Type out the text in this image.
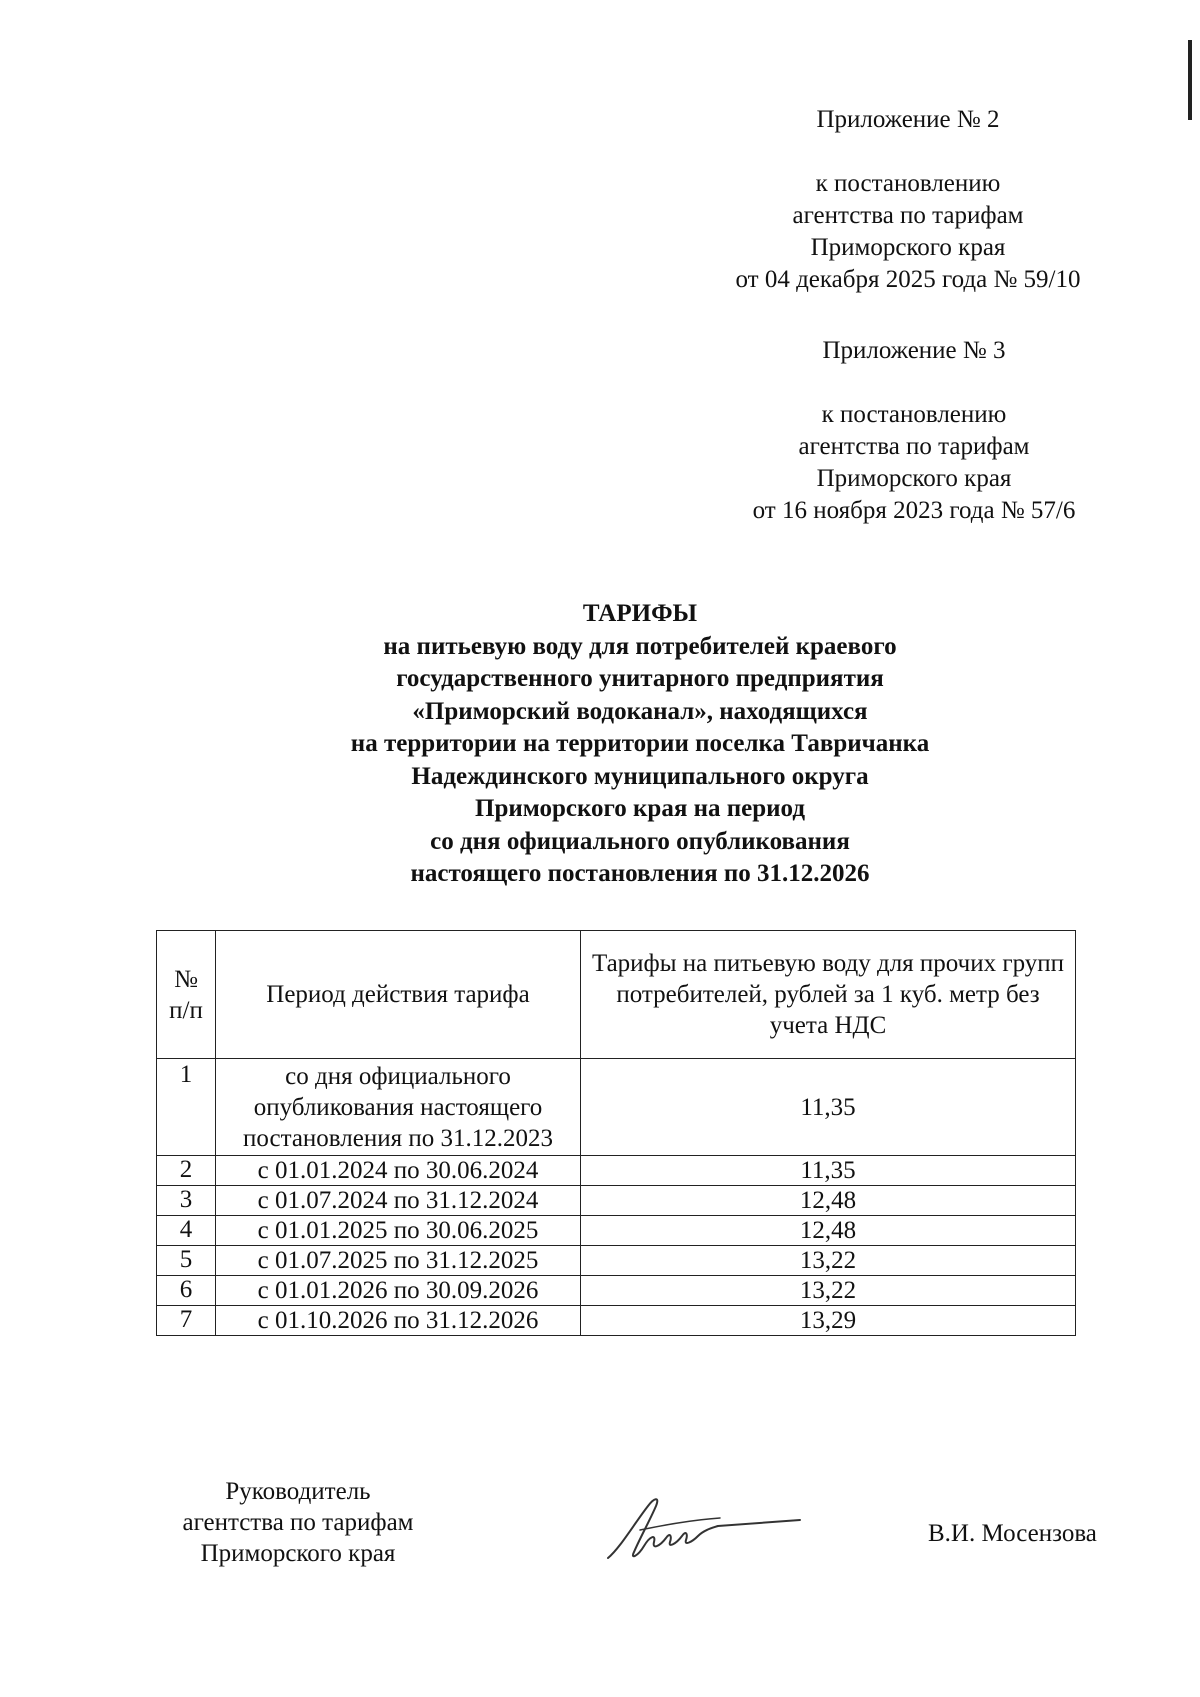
Приложение № 2
к постановлению
агентства по тарифам
Приморского края
от 04 декабря 2025 года № 59/10
Приложение № 3
к постановлению
агентства по тарифам
Приморского края
от 16 ноября 2023 года № 57/6
ТАРИФЫ
на питьевую воду для потребителей краевого
государственного унитарного предприятия
«Приморский водоканал», находящихся
на территории на территории поселка Тавричанка
Надеждинского муниципального округа
Приморского края на период
со дня официального опубликования
настоящего постановления по 31.12.2026
№ п/п	Период действия тарифа	Тарифы на питьевую воду для прочих групп потребителей, рублей за 1 куб. метр без учета НДС
1	со дня официального опубликования настоящего постановления по 31.12.2023	11,35
2	с 01.01.2024 по 30.06.2024	11,35
3	с 01.07.2024 по 31.12.2024	12,48
4	с 01.01.2025 по 30.06.2025	12,48
5	с 01.07.2025 по 31.12.2025	13,22
6	с 01.01.2026 по 30.09.2026	13,22
7	с 01.10.2026 по 31.12.2026	13,29
Руководитель
агентства по тарифам
Приморского края
В.И. Мосензова
